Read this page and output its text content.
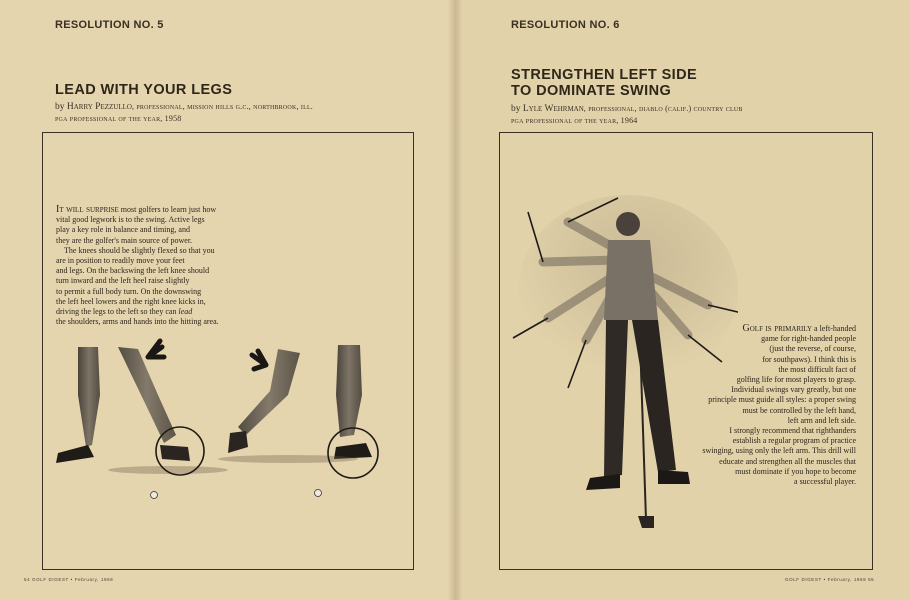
RESOLUTION NO. 5
LEAD WITH YOUR LEGS
by Harry Pezzullo, professional, mission hills g.c., northbrook, ill.
pga professional of the year, 1958

It will surprise most golfers to learn just how

vital good legwork is to the swing. Active legs

play a key role in balance and timing, and

they are the golfer's main source of power.

The knees should be slightly flexed so that you

are in position to readily move your feet

and legs. On the backswing the left knee should

turn inward and the left heel raise slightly

to permit a full body turn. On the downswing

the left heel lowers and the right knee kicks in,

driving the legs to the left so they can lead

the shoulders, arms and hands into the hitting area.

54 GOLF DIGEST • February, 1969
RESOLUTION NO. 6
STRENGTHEN LEFT SIDE
TO DOMINATE SWING
by Lyle Wehrman, professional, diablo (calif.) country club
pga professional of the year, 1964

Golf is primarily a left-handed

game for right-handed people

(just the reverse, of course,

for southpaws). I think this is

the most difficult fact of

golfing life for most players to grasp.

Individual swings vary greatly, but one

principle must guide all styles: a proper swing

must be controlled by the left hand,

left arm and left side.

I strongly recommend that righthanders

establish a regular program of practice

swinging, using only the left arm. This drill will

educate and strengthen all the muscles that

must dominate if you hope to become

a successful player.

GOLF DIGEST • February, 1969 55
